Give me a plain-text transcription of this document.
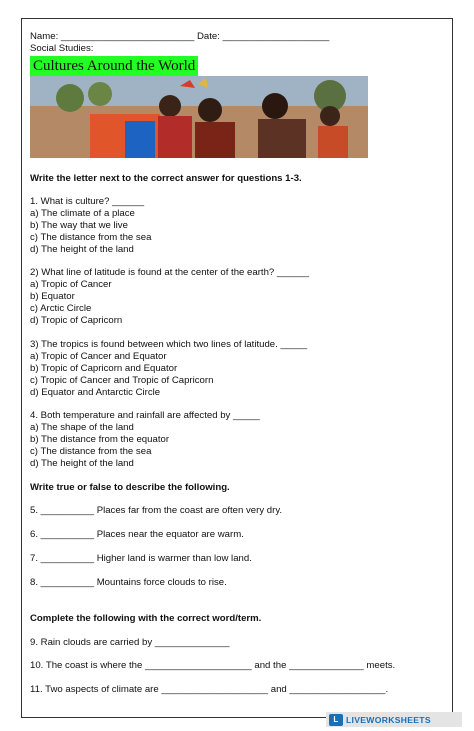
Name: _________________________ Date: ____________________
Social Studies:
Cultures Around the World
Write the letter next to the correct answer for questions 1-3.
1. What is culture? ______
a) The climate of a place
b) The way that we live
c) The distance from the sea
d) The height of the land
2) What line of latitude is found at the center of the earth? ______
a) Tropic of Cancer
b) Equator
c) Arctic Circle
d) Tropic of Capricorn
3) The tropics is found between which two lines of latitude. _____
a) Tropic of Cancer and Equator
b) Tropic of Capricorn and Equator
c) Tropic of Cancer and Tropic of Capricorn
d) Equator and Antarctic Circle
4. Both temperature and rainfall are affected by _____
a) The shape of the land
b) The distance from the equator
c) The distance from the sea
d) The height of the land
Write true or false to describe the following.
5. __________ Places far from the coast are often very dry.
6. __________ Places near the equator are warm.
7. __________ Higher land is warmer than low land.
8. __________ Mountains force clouds to rise.
Complete the following with the correct word/term.
9. Rain clouds are carried by ______________
10. The coast is where the ____________________ and the ______________ meets.
11. Two aspects of climate are ____________________ and __________________.
L LIVEWORKSHEETS
